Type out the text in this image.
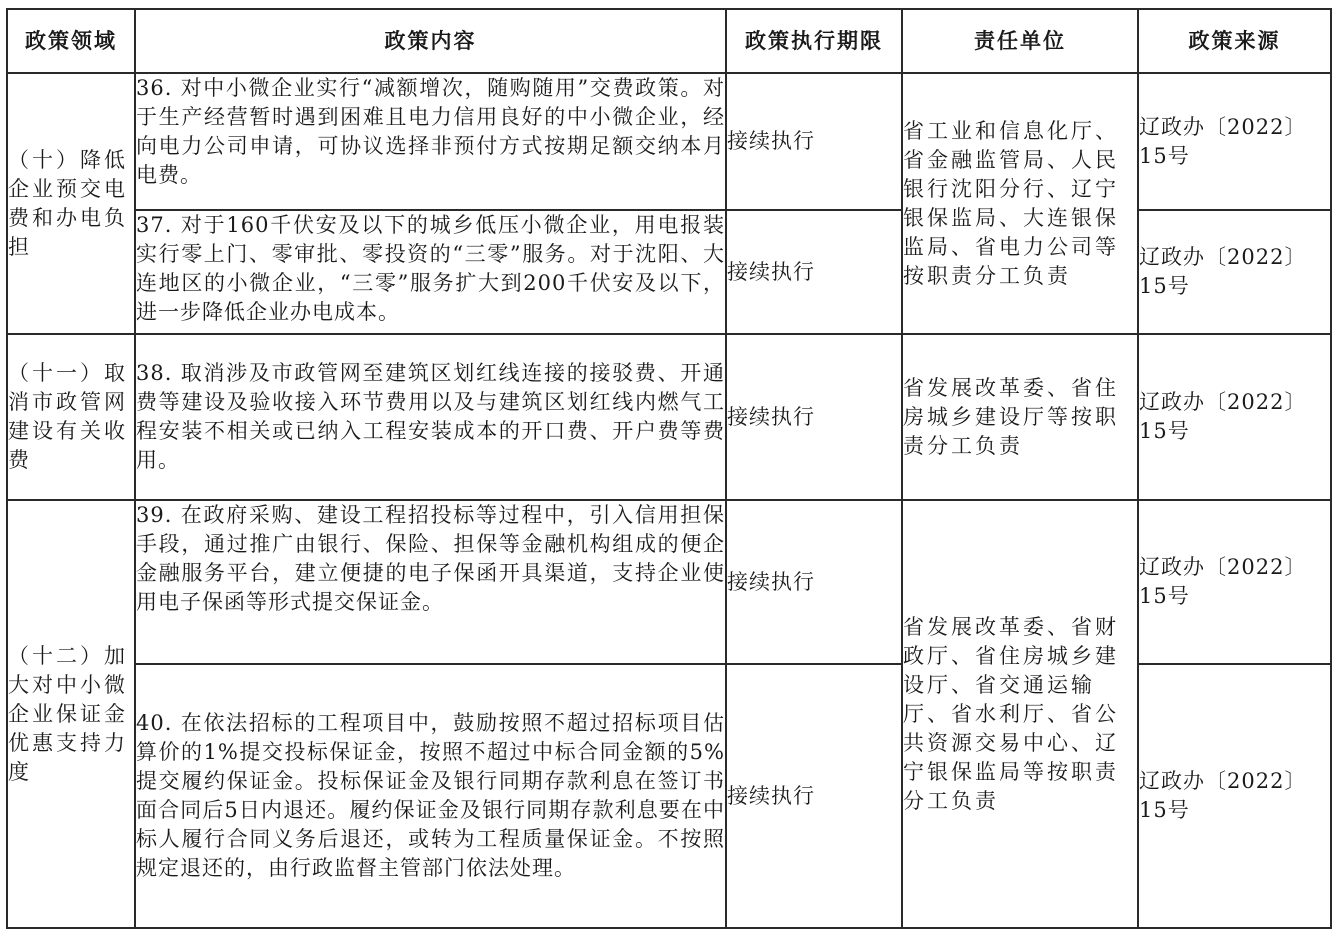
政策领域	政策内容	政策执行期限	责任单位	政策来源
（十）降低企业预交电费和办电负担	36. 对中小微企业实行“减额增次，随购随用”交费政策。对于生产经营暂时遇到困难且电力信用良好的中小微企业，经向电力公司申请，可协议选择非预付方式按期足额交纳本月电费。	接续执行	省工业和信息化厅、省金融监管局、人民银行沈阳分行、辽宁银保监局、大连银保监局、省电力公司等按职责分工负责	辽政办〔2022〕15号
	37. 对于160千伏安及以下的城乡低压小微企业，用电报装实行零上门、零审批、零投资的“三零”服务。对于沈阳、大连地区的小微企业，“三零”服务扩大到200千伏安及以下，进一步降低企业办电成本。	接续执行		辽政办〔2022〕15号
（十一）取消市政管网建设有关收费	38. 取消涉及市政管网至建筑区划红线连接的接驳费、开通费等建设及验收接入环节费用以及与建筑区划红线内燃气工程安装不相关或已纳入工程安装成本的开口费、开户费等费用。	接续执行	省发展改革委、省住房城乡建设厅等按职责分工负责	辽政办〔2022〕15号
（十二）加大对中小微企业保证金优惠支持力度	39. 在政府采购、建设工程招投标等过程中，引入信用担保手段，通过推广由银行、保险、担保等金融机构组成的便企金融服务平台，建立便捷的电子保函开具渠道，支持企业使用电子保函等形式提交保证金。	接续执行	省发展改革委、省财政厅、省住房城乡建设厅、省交通运输厅、省水利厅、省公共资源交易中心、辽宁银保监局等按职责分工负责	辽政办〔2022〕15号
	40. 在依法招标的工程项目中，鼓励按照不超过招标项目估算价的1%提交投标保证金，按照不超过中标合同金额的5%提交履约保证金。投标保证金及银行同期存款利息在签订书面合同后5日内退还。履约保证金及银行同期存款利息要在中标人履行合同义务后退还，或转为工程质量保证金。不按照规定退还的，由行政监督主管部门依法处理。	接续执行		辽政办〔2022〕15号
